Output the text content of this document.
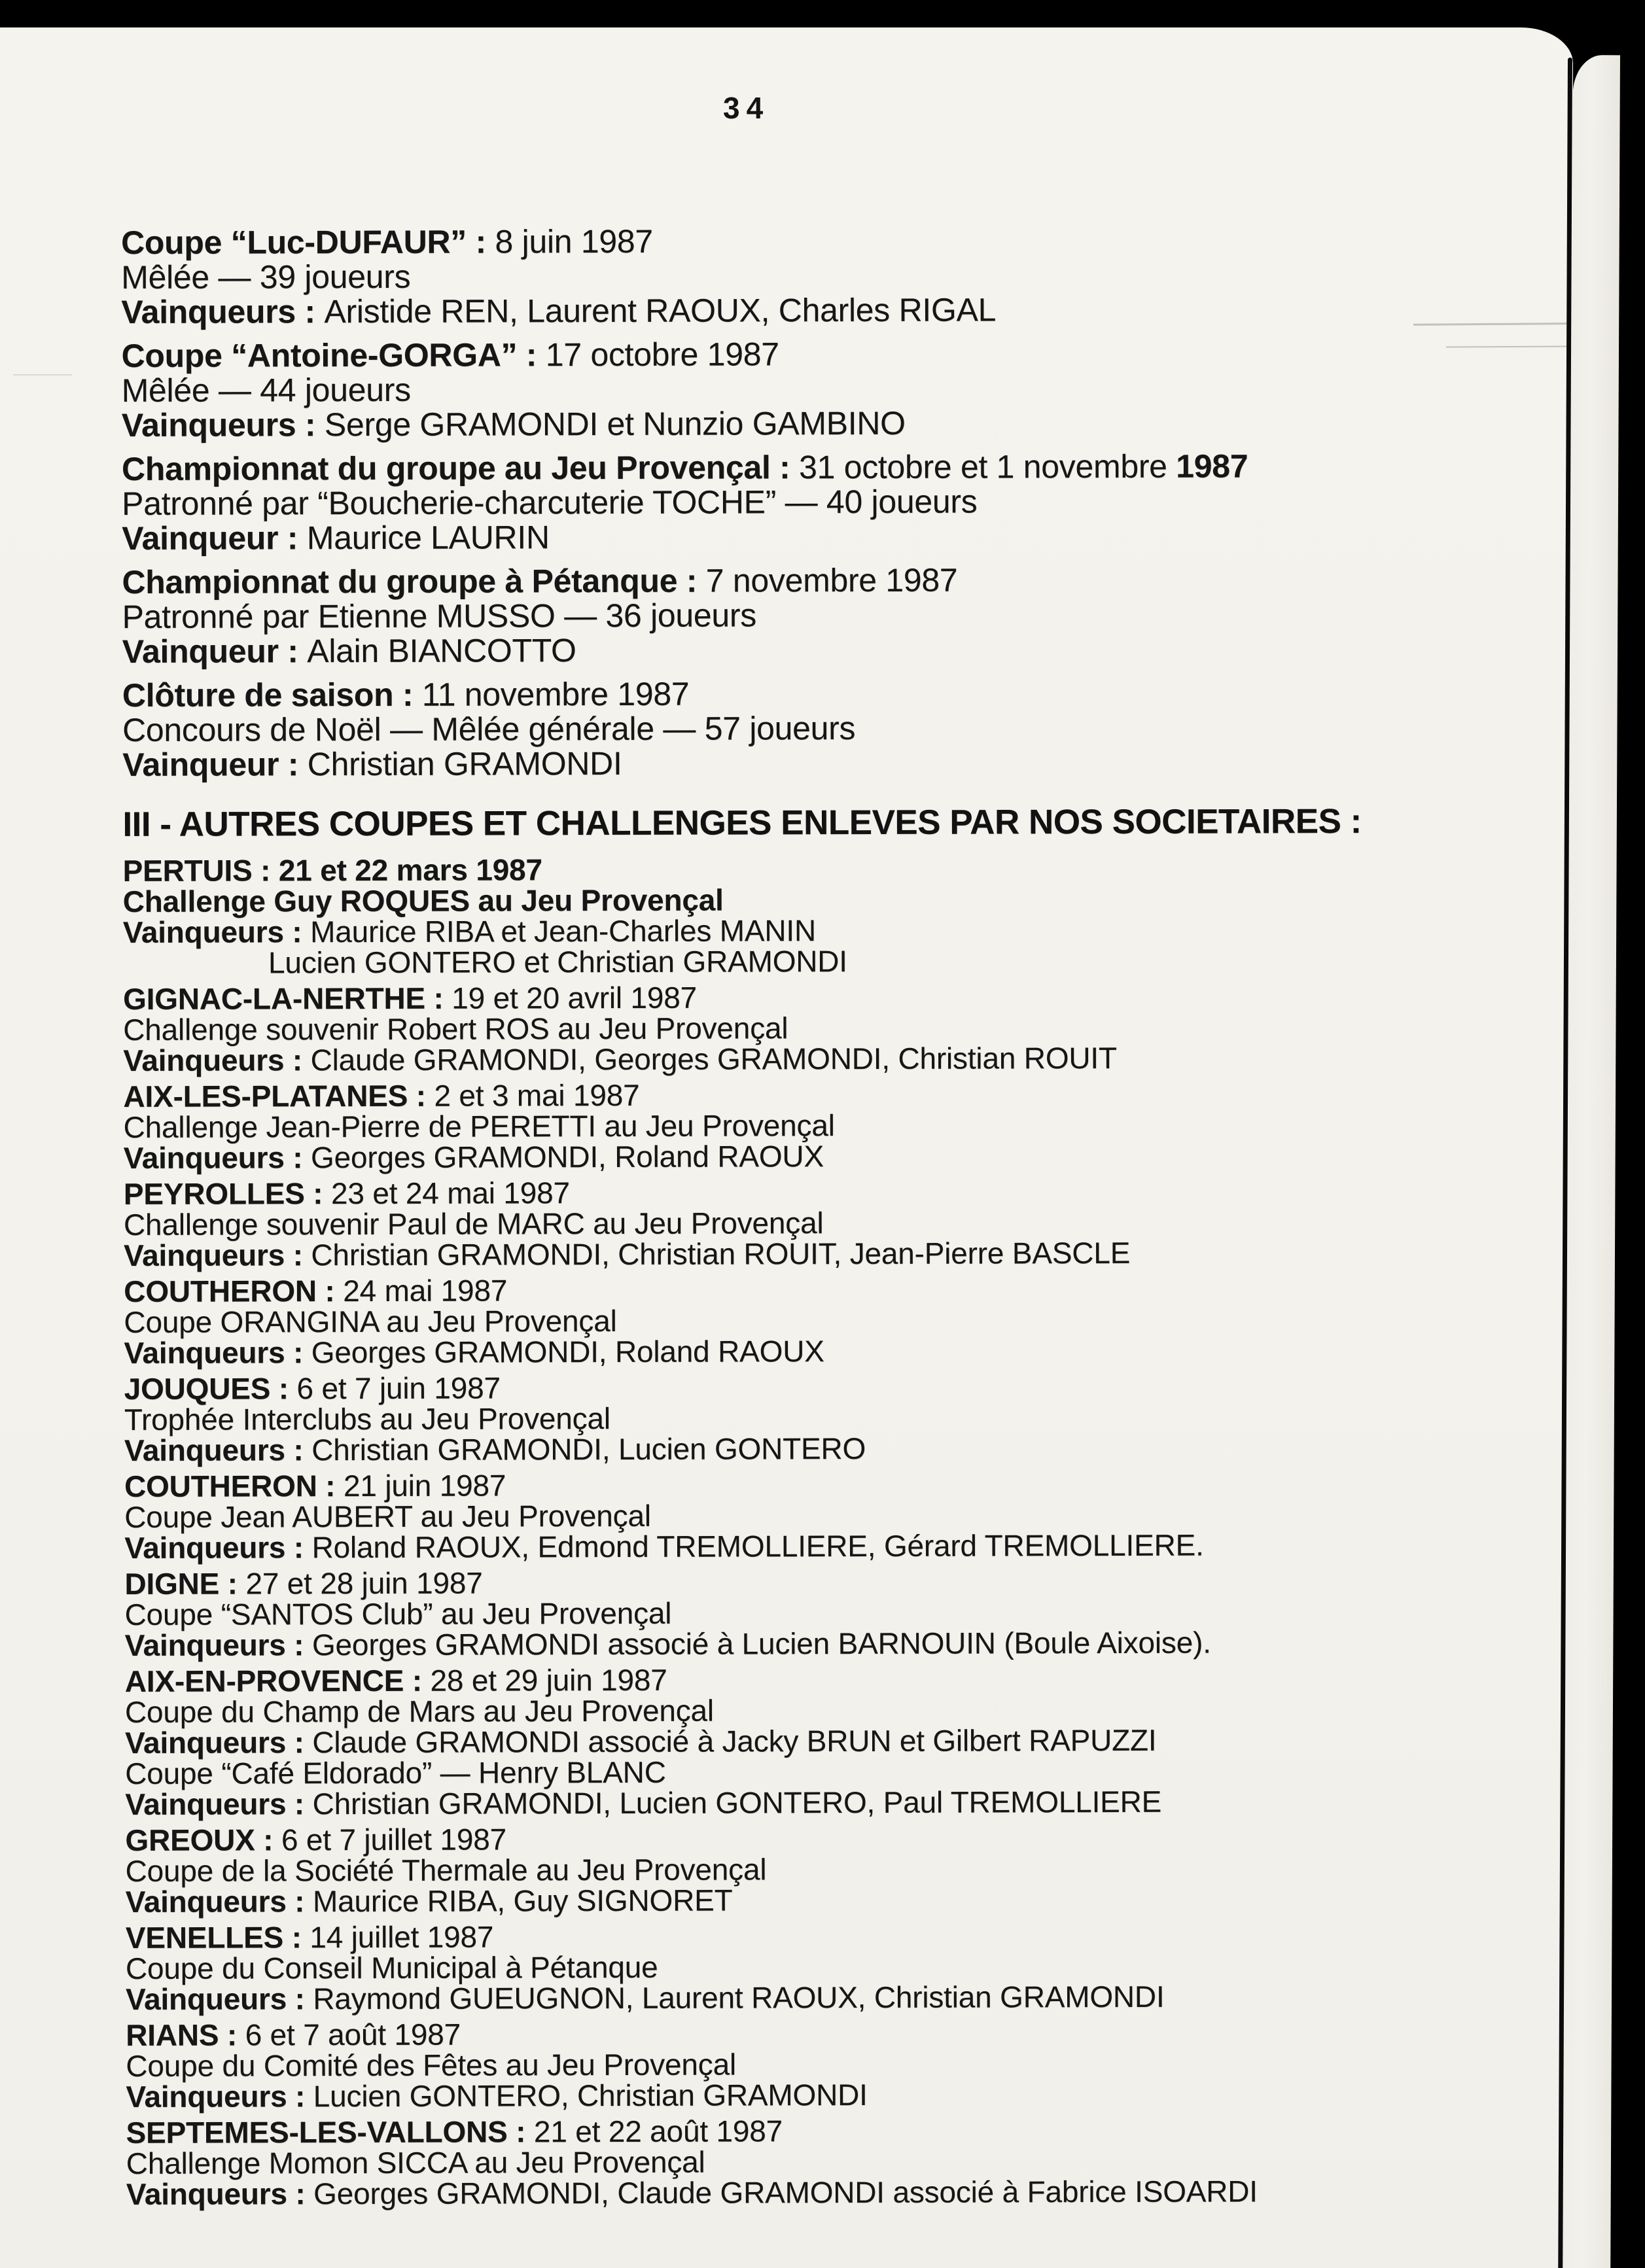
34
Coupe “Luc-DUFAUR” : 8 juin 1987
Mêlée — 39 joueurs
Vainqueurs : Aristide REN, Laurent RAOUX, Charles RIGAL
Coupe “Antoine-GORGA” : 17 octobre 1987
Mêlée — 44 joueurs
Vainqueurs : Serge GRAMONDI et Nunzio GAMBINO
Championnat du groupe au Jeu Provençal : 31 octobre et 1 novembre 1987
Patronné par “Boucherie-charcuterie TOCHE” — 40 joueurs
Vainqueur : Maurice LAURIN
Championnat du groupe à Pétanque : 7 novembre 1987
Patronné par Etienne MUSSO — 36 joueurs
Vainqueur : Alain BIANCOTTO
Clôture de saison : 11 novembre 1987
Concours de Noël — Mêlée générale — 57 joueurs
Vainqueur : Christian GRAMONDI
III - AUTRES COUPES ET CHALLENGES ENLEVES PAR NOS SOCIETAIRES :
PERTUIS : 21 et 22 mars 1987
Challenge Guy ROQUES au Jeu Provençal
Vainqueurs : Maurice RIBA et Jean-Charles MANIN
Lucien GONTERO et Christian GRAMONDI
GIGNAC-LA-NERTHE : 19 et 20 avril 1987
Challenge souvenir Robert ROS au Jeu Provençal
Vainqueurs : Claude GRAMONDI, Georges GRAMONDI, Christian ROUIT
AIX-LES-PLATANES : 2 et 3 mai 1987
Challenge Jean-Pierre de PERETTI au Jeu Provençal
Vainqueurs : Georges GRAMONDI, Roland RAOUX
PEYROLLES : 23 et 24 mai 1987
Challenge souvenir Paul de MARC au Jeu Provençal
Vainqueurs : Christian GRAMONDI, Christian ROUIT, Jean-Pierre BASCLE
COUTHERON : 24 mai 1987
Coupe ORANGINA au Jeu Provençal
Vainqueurs : Georges GRAMONDI, Roland RAOUX
JOUQUES : 6 et 7 juin 1987
Trophée Interclubs au Jeu Provençal
Vainqueurs : Christian GRAMONDI, Lucien GONTERO
COUTHERON : 21 juin 1987
Coupe Jean AUBERT au Jeu Provençal
Vainqueurs : Roland RAOUX, Edmond TREMOLLIERE, Gérard TREMOLLIERE.
DIGNE : 27 et 28 juin 1987
Coupe “SANTOS Club” au Jeu Provençal
Vainqueurs : Georges GRAMONDI associé à Lucien BARNOUIN (Boule Aixoise).
AIX-EN-PROVENCE : 28 et 29 juin 1987
Coupe du Champ de Mars au Jeu Provençal
Vainqueurs : Claude GRAMONDI associé à Jacky BRUN et Gilbert RAPUZZI
Coupe “Café Eldorado” — Henry BLANC
Vainqueurs : Christian GRAMONDI, Lucien GONTERO, Paul TREMOLLIERE
GREOUX : 6 et 7 juillet 1987
Coupe de la Société Thermale au Jeu Provençal
Vainqueurs : Maurice RIBA, Guy SIGNORET
VENELLES : 14 juillet 1987
Coupe du Conseil Municipal à Pétanque
Vainqueurs : Raymond GUEUGNON, Laurent RAOUX, Christian GRAMONDI
RIANS : 6 et 7 août 1987
Coupe du Comité des Fêtes au Jeu Provençal
Vainqueurs : Lucien GONTERO, Christian GRAMONDI
SEPTEMES-LES-VALLONS : 21 et 22 août 1987
Challenge Momon SICCA au Jeu Provençal
Vainqueurs : Georges GRAMONDI, Claude GRAMONDI associé à Fabrice ISOARDI
